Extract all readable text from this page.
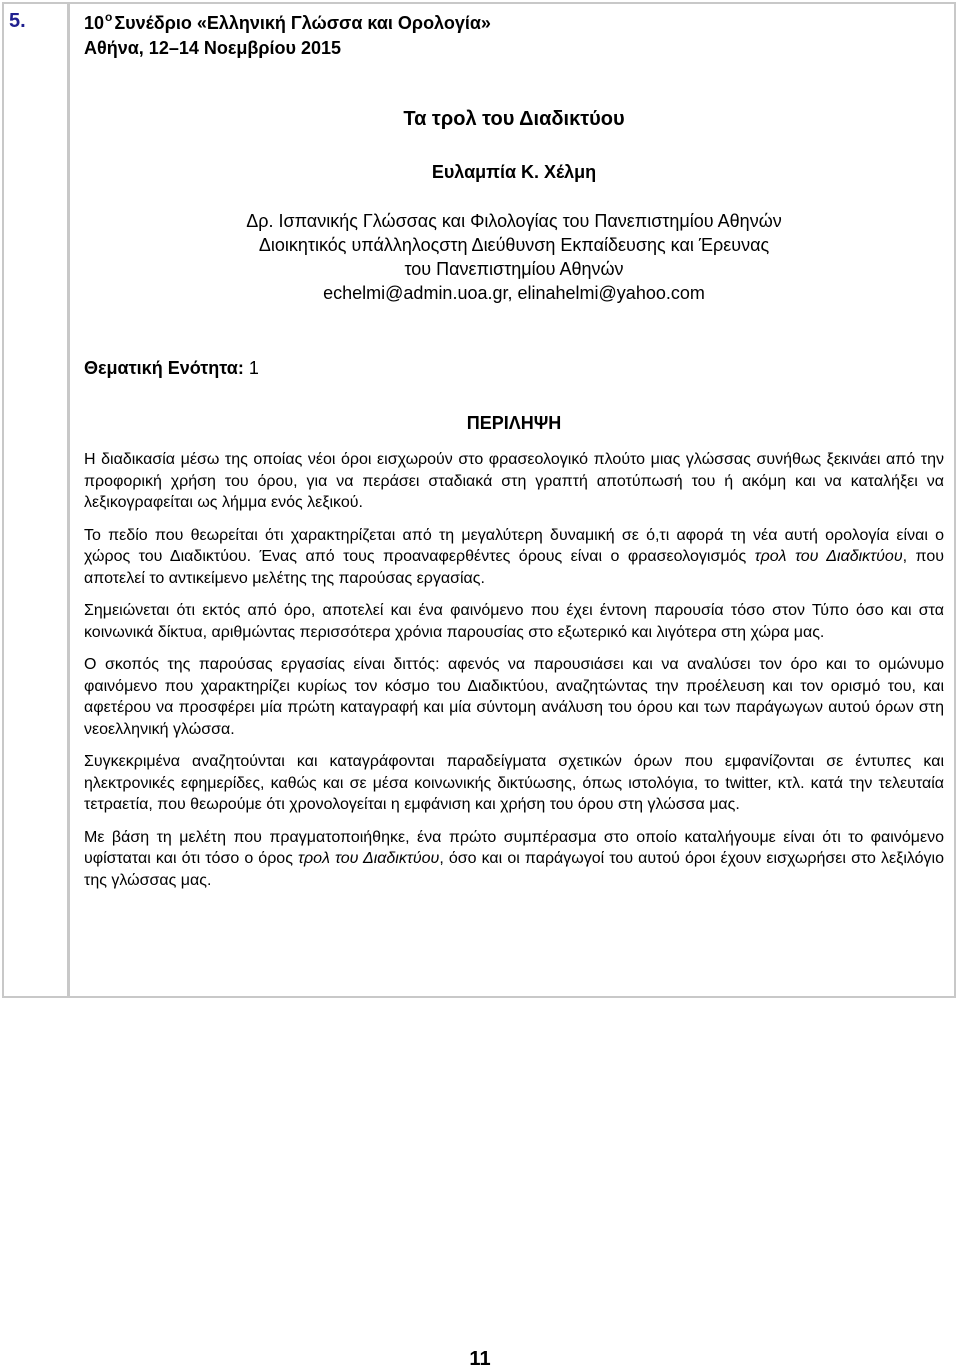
5.	$10^o$ Συνέδριο «Ελληνική Γλώσσα και Ορολογία»
Αθήνα, 12–14 Νοεμβρίου 2015
Τα τρολ του Διαδικτύου
Ευλαμπία Κ. Χέλμη
Δρ. Ισπανικής Γλώσσας και Φιλολογίας του Πανεπιστημίου Αθηνών
Διοικητικός υπάλληλοςστη Διεύθυνση Εκπαίδευσης και Έρευνας
του Πανεπιστημίου Αθηνών
echelmi@admin.uoa.gr, elinahelmi@yahoo.com
Θεματική Ενότητα: 1
ΠΕΡΙΛΗΨΗ

Η διαδικασία μέσω της οποίας νέοι όροι εισχωρούν στο φρασεολογικό πλούτο μιας γλώσσας συνήθως ξεκινάει από την προφορική χρήση του όρου, για να περάσει σταδιακά στη γραπτή αποτύπωσή του ή ακόμη και να καταλήξει να λεξικογραφείται ως λήμμα ενός λεξικού.

Το πεδίο που θεωρείται ότι χαρακτηρίζεται από τη μεγαλύτερη δυναμική σε ό,τι αφορά τη νέα αυτή ορολογία είναι ο χώρος του Διαδικτύου. Ένας από τους προαναφερθέντες όρους είναι ο φρασεολογισμός τρολ του Διαδικτύου, που αποτελεί το αντικείμενο μελέτης της παρούσας εργασίας.

Σημειώνεται ότι εκτός από όρο, αποτελεί και ένα φαινόμενο που έχει έντονη παρουσία τόσο στον Τύπο όσο και στα κοινωνικά δίκτυα, αριθμώντας περισσότερα χρόνια παρουσίας στο εξωτερικό και λιγότερα στη χώρα μας.

Ο σκοπός της παρούσας εργασίας είναι διττός: αφενός να παρουσιάσει και να αναλύσει τον όρο και το ομώνυμο φαινόμενο που χαρακτηρίζει κυρίως τον κόσμο του Διαδικτύου, αναζητώντας την προέλευση και τον ορισμό του, και αφετέρου να προσφέρει μία πρώτη καταγραφή και μία σύντομη ανάλυση του όρου και των παράγωγων αυτού όρων στη νεοελληνική γλώσσα.

Συγκεκριμένα αναζητούνται και καταγράφονται παραδείγματα σχετικών όρων που εμφανίζονται σε έντυπες και ηλεκτρονικές εφημερίδες, καθώς και σε μέσα κοινωνικής δικτύωσης, όπως ιστολόγια, το twitter, κτλ. κατά την τελευταία τετραετία, που θεωρούμε ότι χρονολογείται η εμφάνιση και χρήση του όρου στη γλώσσα μας.

Με βάση τη μελέτη που πραγματοποιήθηκε, ένα πρώτο συμπέρασμα στο οποίο καταλήγουμε είναι ότι το φαινόμενο υφίσταται και ότι τόσο ο όρος τρολ του Διαδικτύου, όσο και οι παράγωγοί του αυτού όροι έχουν εισχωρήσει στο λεξιλόγιο της γλώσσας μας.

11
